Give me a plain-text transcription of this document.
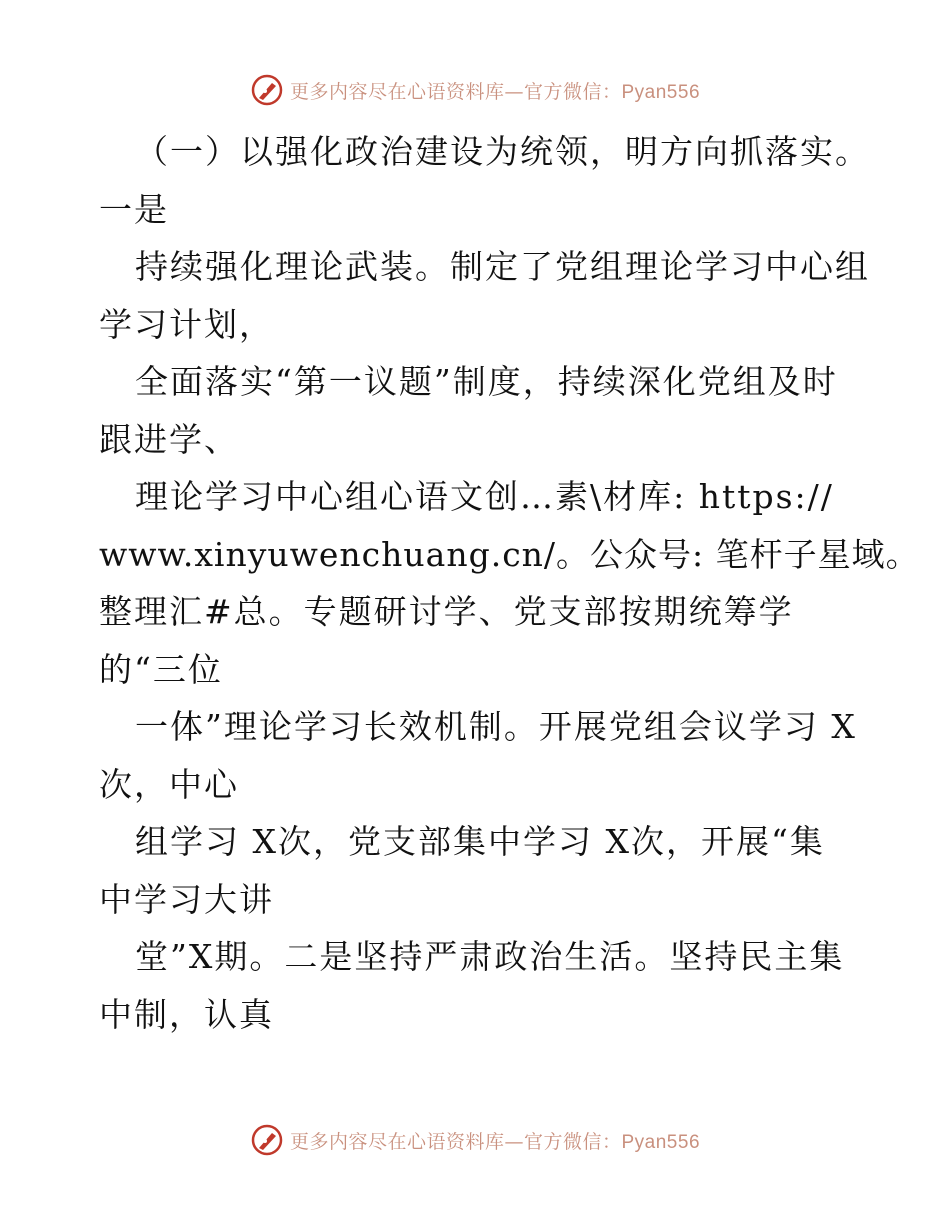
更多内容尽在心语资料库—官方微信：Pyan556
（一）以强化政治建设为统领，明方向抓落实。
一是
持续强化理论武装。制定了党组理论学习中心组
学习计划，
全面落实“第一议题”制度，持续深化党组及时
跟进学、
理论学习中心组心语文创…素\材库: https://
www.xinyuwenchuang.cn/。公众号: 笔杆子星域。
整理汇#总。专题研讨学、党支部按期统筹学
的“三位
一体”理论学习长效机制。开展党组会议学习 X
次，中心
组学习 X次，党支部集中学习 X次，开展“集
中学习大讲
堂”X期。二是坚持严肃政治生活。坚持民主集
中制，认真
更多内容尽在心语资料库—官方微信：Pyan556
